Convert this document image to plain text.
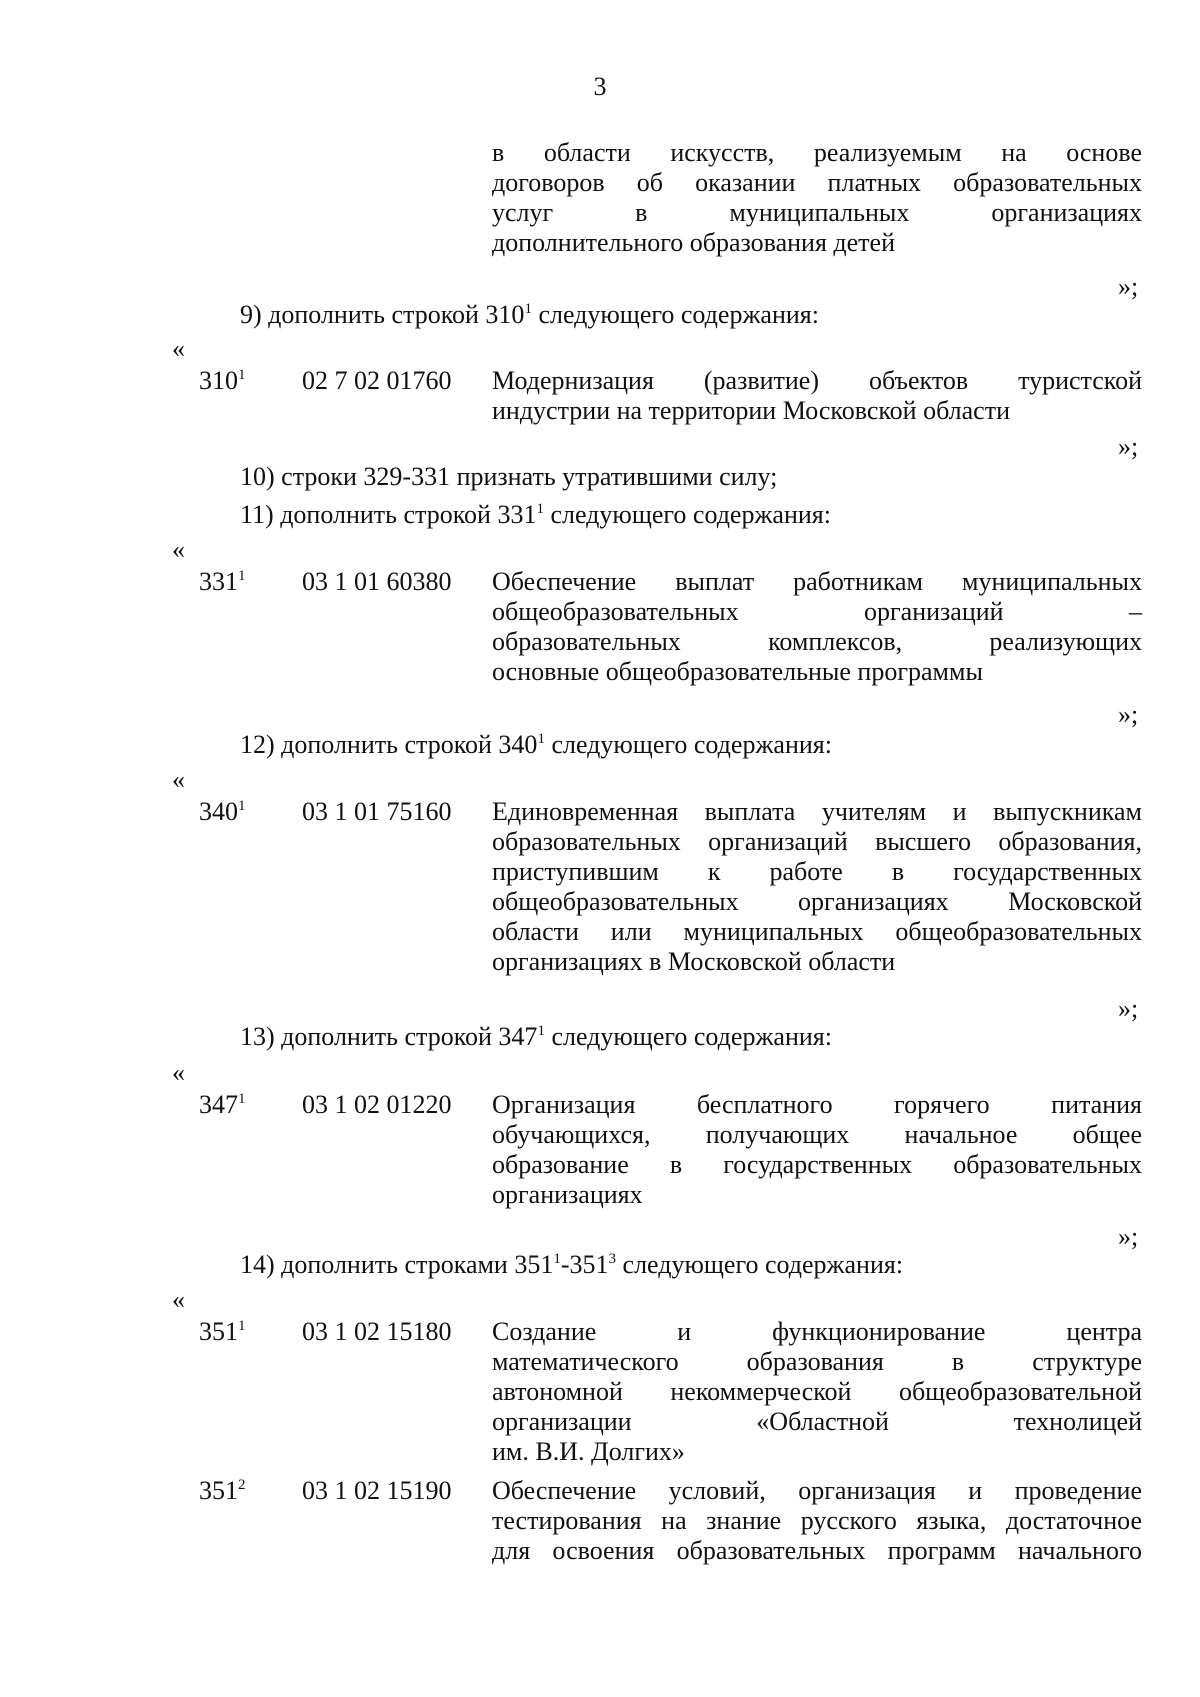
3
в области искусств, реализуемым на основе
договоров об оказании платных образовательных
услуг в муниципальных организациях
дополнительного образования детей
»;
9) дополнить строкой $310^1$ следующего содержания:
«
$310^1$ 02 7 02 01760 Модернизация (развитие) объектов туристской
индустрии на территории Московской области
»;
10) строки 329-331 признать утратившими силу;
11) дополнить строкой $331^1$ следующего содержания:
«
$331^1$ 03 1 01 60380 Обеспечение выплат работникам муниципальных
общеобразовательных организаций –
образовательных комплексов, реализующих
основные общеобразовательные программы
»;
12) дополнить строкой $340^1$ следующего содержания:
«
$340^1$ 03 1 01 75160 Единовременная выплата учителям и выпускникам
образовательных организаций высшего образования,
приступившим к работе в государственных
общеобразовательных организациях Московской
области или муниципальных общеобразовательных
организациях в Московской области
»;
13) дополнить строкой $347^1$ следующего содержания:
«
$347^1$ 03 1 02 01220 Организация бесплатного горячего питания
обучающихся, получающих начальное общее
образование в государственных образовательных
организациях
»;
14) дополнить строками $351^1-351^3$ следующего содержания:
«
$351^1$ 03 1 02 15180 Создание и функционирование центра
математического образования в структуре
автономной некоммерческой общеобразовательной
организации «Областной технолицей
им. В.И. Долгих»
$351^2$ 03 1 02 15190 Обеспечение условий, организация и проведение
тестирования на знание русского языка, достаточное
для освоения образовательных программ начального
